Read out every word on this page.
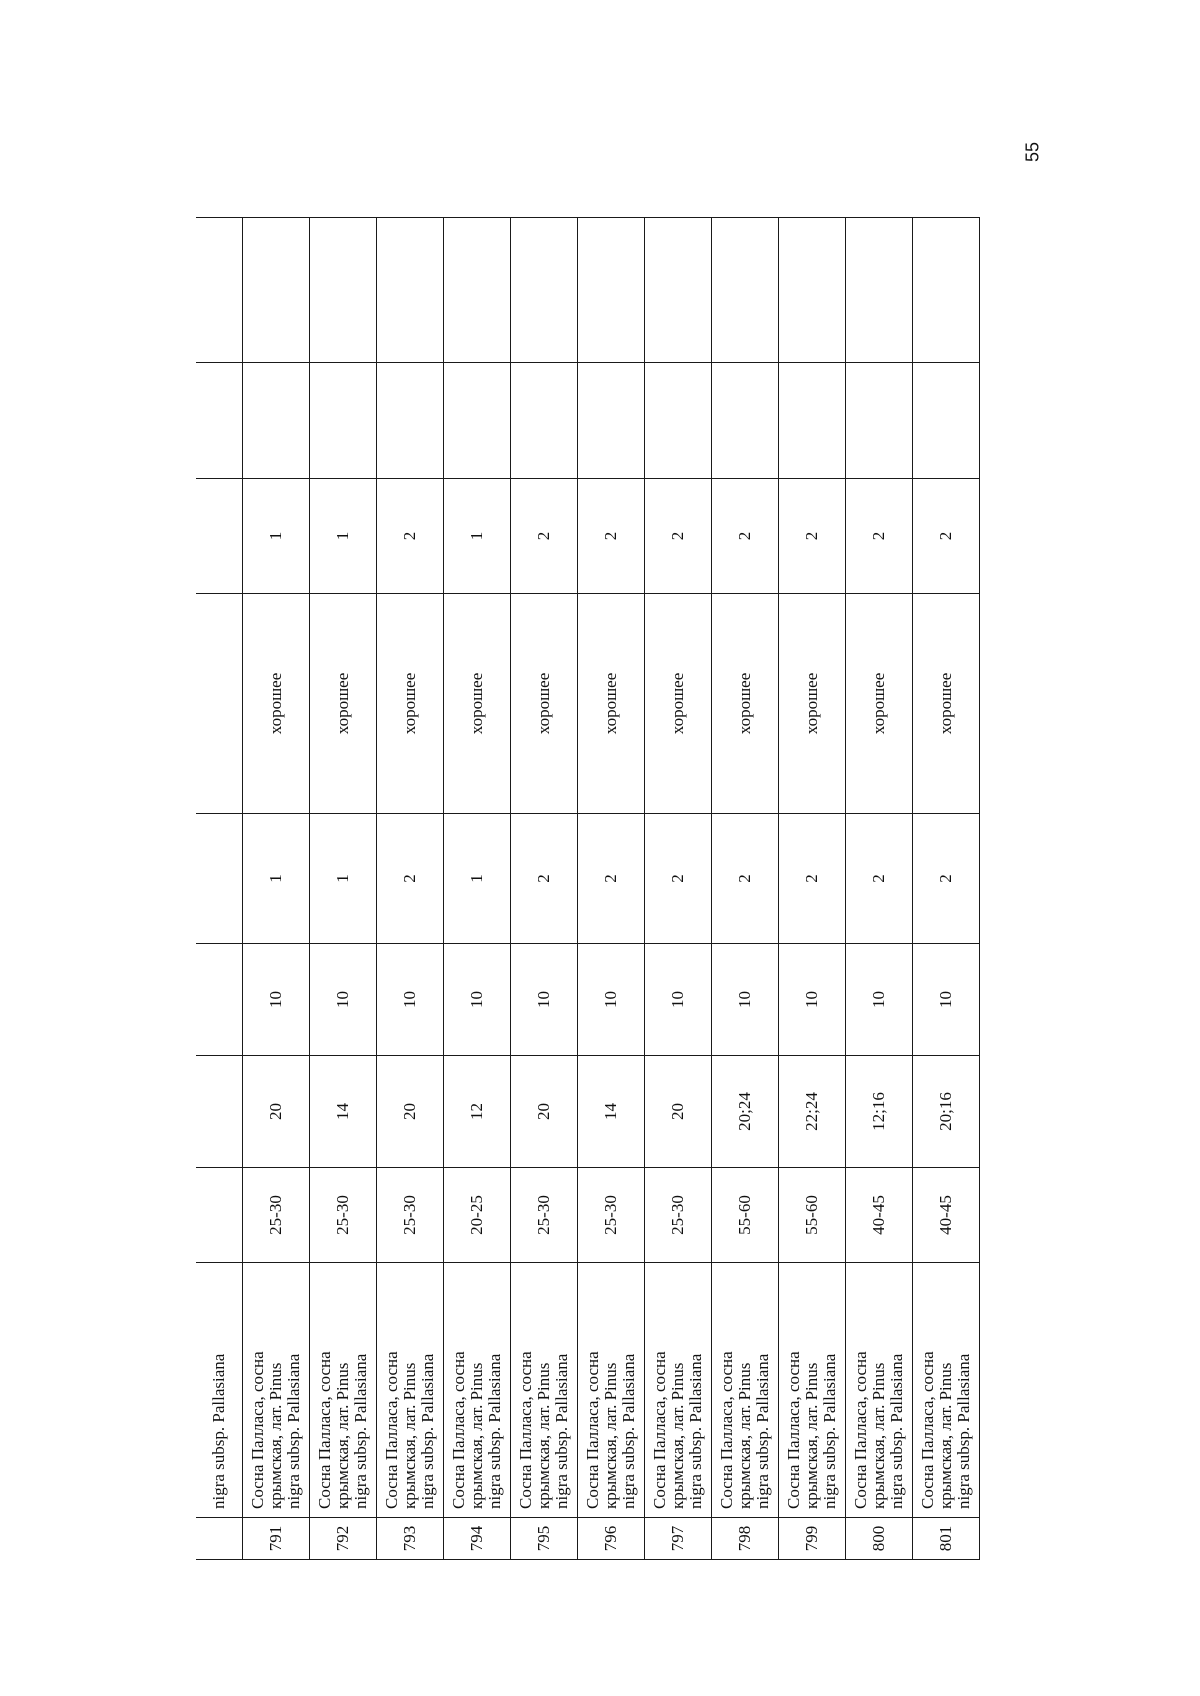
55
	nigra subsp. Pallasiana								
791	Сосна Палласа, сосна крымская, лат. Pinus nigra subsp. Pallasiana	25-30	20	10	1	хорошее	1		
792	Сосна Палласа, сосна крымская, лат. Pinus nigra subsp. Pallasiana	25-30	14	10	1	хорошее	1		
793	Сосна Палласа, сосна крымская, лат. Pinus nigra subsp. Pallasiana	25-30	20	10	2	хорошее	2		
794	Сосна Палласа, сосна крымская, лат. Pinus nigra subsp. Pallasiana	20-25	12	10	1	хорошее	1		
795	Сосна Палласа, сосна крымская, лат. Pinus nigra subsp. Pallasiana	25-30	20	10	2	хорошее	2		
796	Сосна Палласа, сосна крымская, лат. Pinus nigra subsp. Pallasiana	25-30	14	10	2	хорошее	2		
797	Сосна Палласа, сосна крымская, лат. Pinus nigra subsp. Pallasiana	25-30	20	10	2	хорошее	2		
798	Сосна Палласа, сосна крымская, лат. Pinus nigra subsp. Pallasiana	55-60	20;24	10	2	хорошее	2		
799	Сосна Палласа, сосна крымская, лат. Pinus nigra subsp. Pallasiana	55-60	22;24	10	2	хорошее	2		
800	Сосна Палласа, сосна крымская, лат. Pinus nigra subsp. Pallasiana	40-45	12;16	10	2	хорошее	2		
801	Сосна Палласа, сосна крымская, лат. Pinus nigra subsp. Pallasiana	40-45	20;16	10	2	хорошее	2		
